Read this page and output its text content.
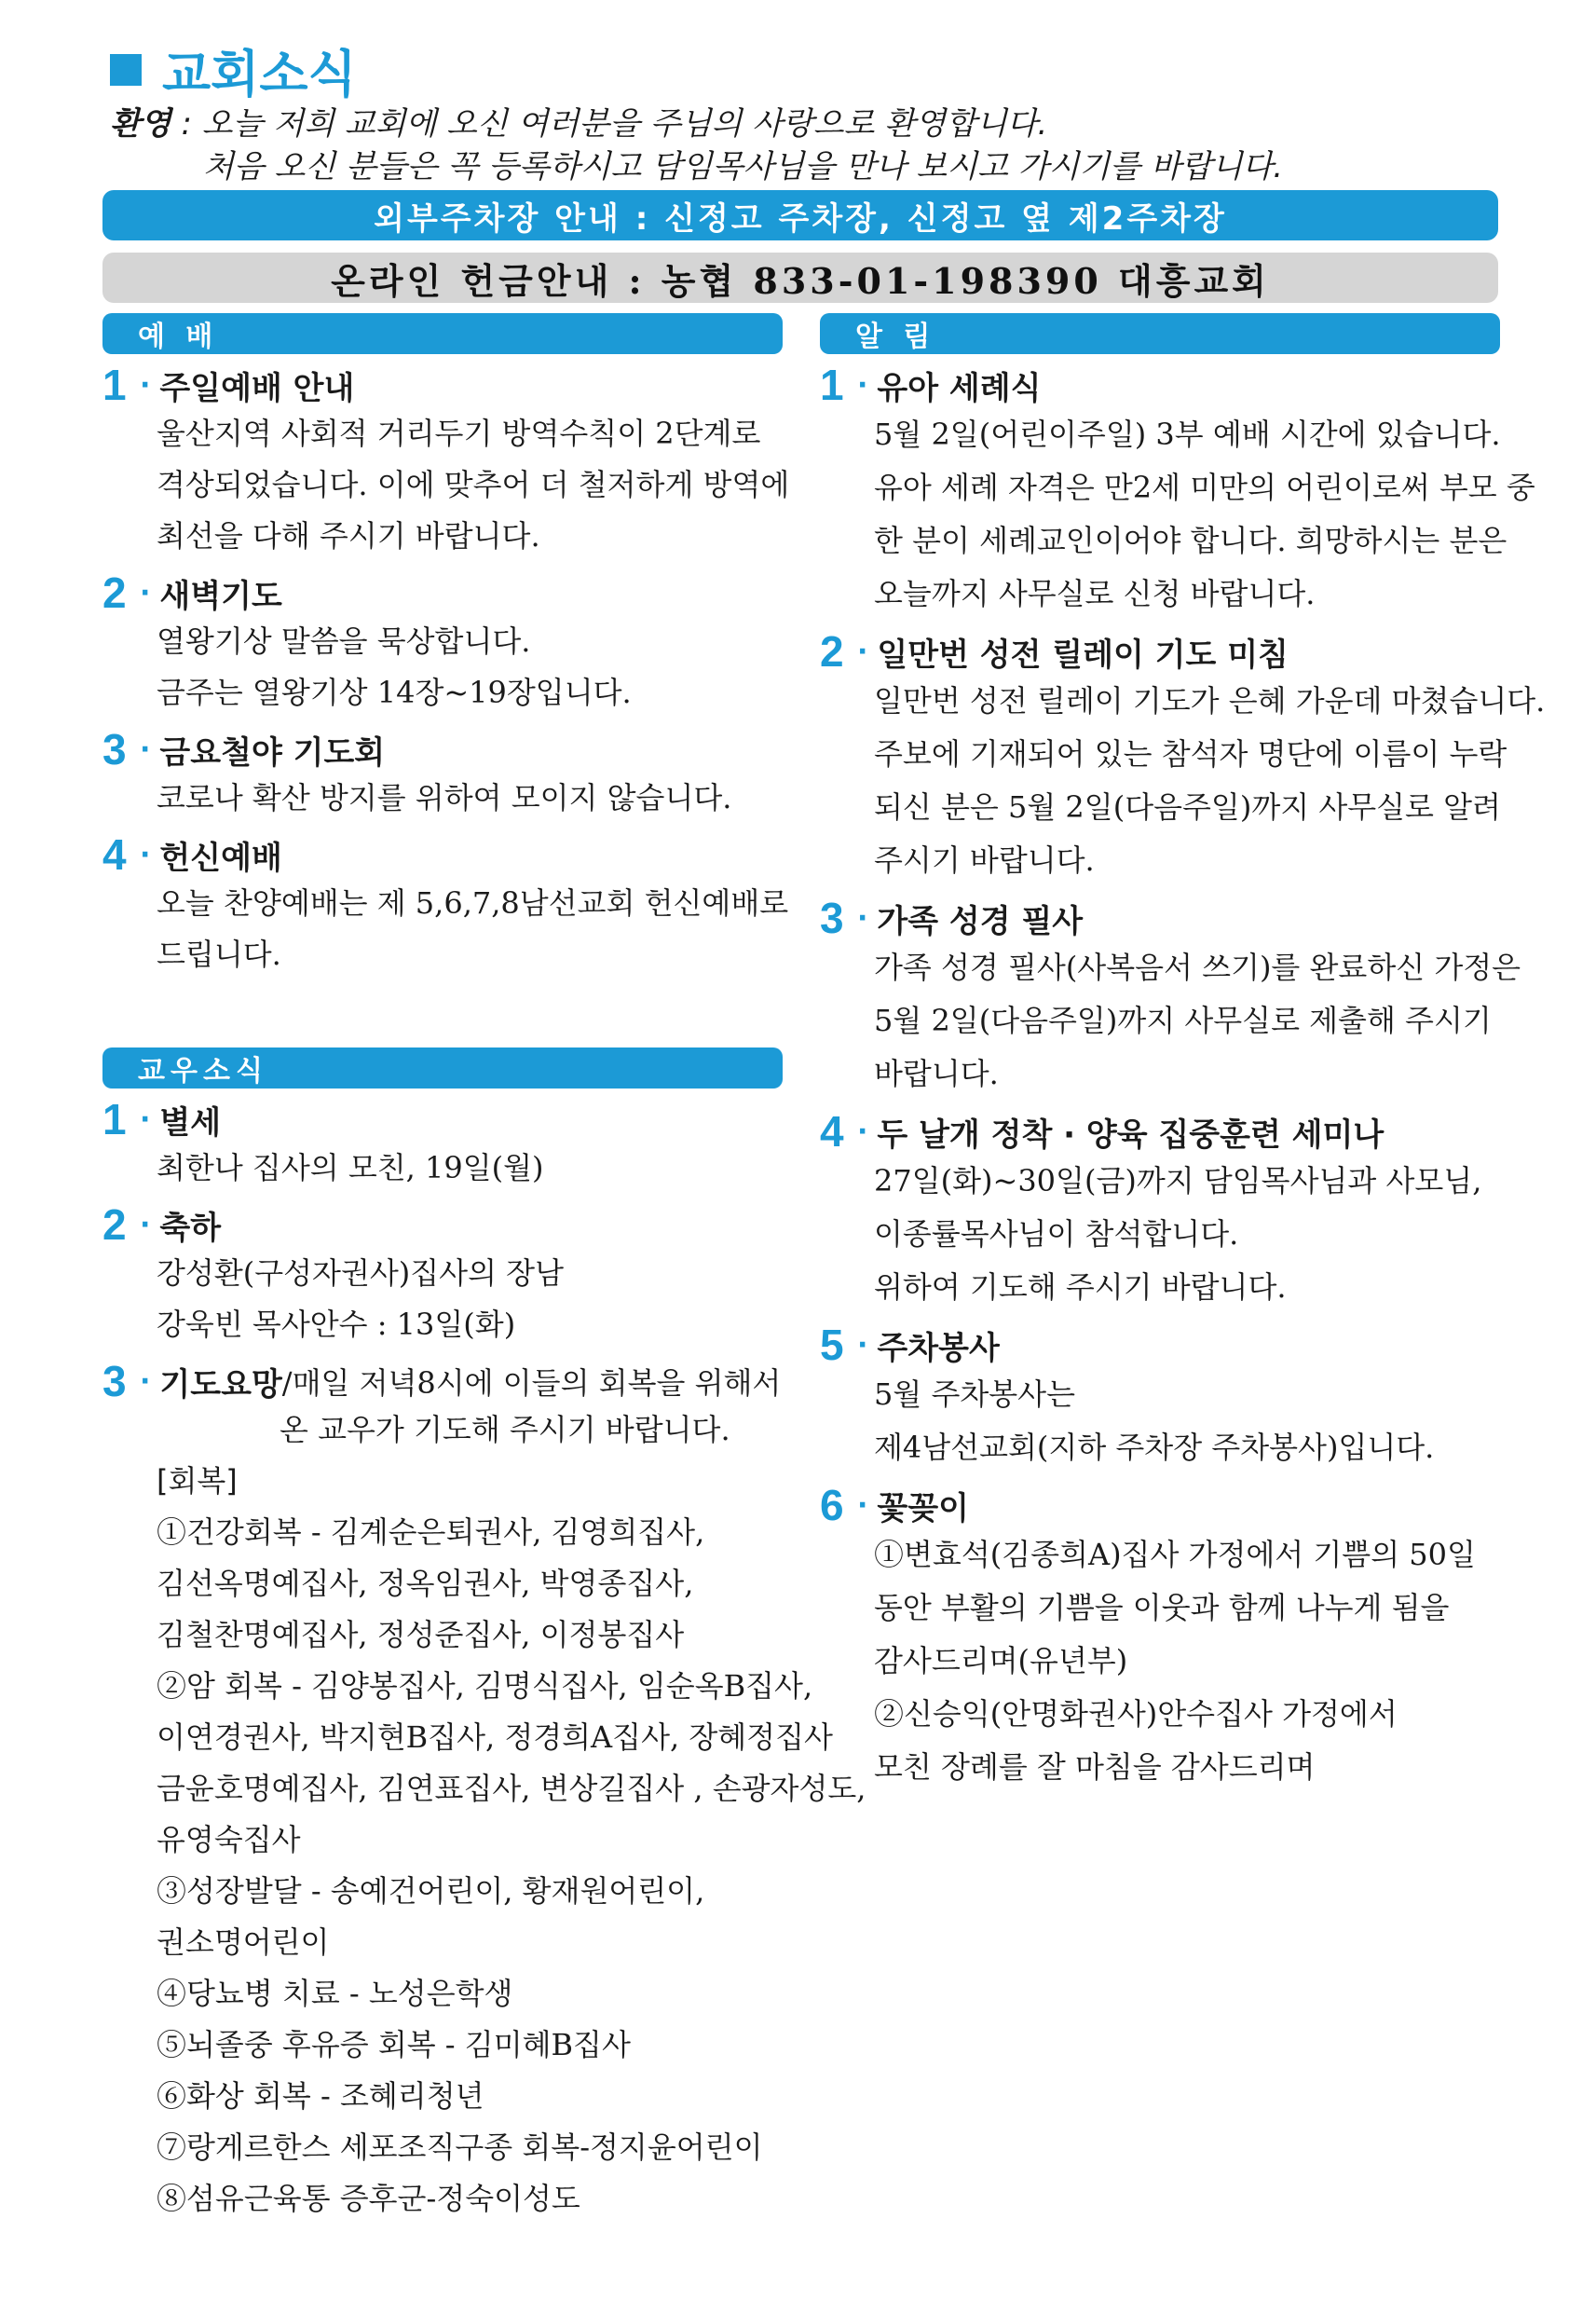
교회소식
환영 : 오늘 저희 교회에 오신 여러분을 주님의 사랑으로 환영합니다.
처음 오신 분들은 꼭 등록하시고 담임목사님을 만나 보시고 가시기를 바랍니다.
외부주차장 안내 : 신정고 주차장, 신정고 옆 제2주차장
온라인 헌금안내 : 농협 833-01-198390 대흥교회
예 배
1 · 주일예배 안내
울산지역 사회적 거리두기 방역수칙이 2단계로
격상되었습니다. 이에 맞추어 더 철저하게 방역에
최선을 다해 주시기 바랍니다.
2 · 새벽기도
열왕기상 말씀을 묵상합니다.
금주는 열왕기상 14장~19장입니다.
3 · 금요철야 기도회
코로나 확산 방지를 위하여 모이지 않습니다.
4 · 헌신예배
오늘 찬양예배는 제 5,6,7,8남선교회 헌신예배로
드립니다.
교우소식
1 · 별세
최한나 집사의 모친, 19일(월)
2 · 축하
강성환(구성자권사)집사의 장남
강욱빈 목사안수 : 13일(화)
3 · 기도요망 /매일 저녁8시에 이들의 회복을 위해서
온 교우가 기도해 주시기 바랍니다.
[회복]
①건강회복 - 김계순은퇴권사, 김영희집사,
김선옥명예집사, 정옥임권사, 박영종집사,
김철찬명예집사, 정성준집사, 이정봉집사
②암 회복 - 김양봉집사, 김명식집사, 임순옥B집사,
이연경권사, 박지현B집사, 정경희A집사, 장혜정집사
금윤호명예집사, 김연표집사, 변상길집사 , 손광자성도,
유영숙집사
③성장발달 - 송예건어린이, 황재원어린이,
권소명어린이
④당뇨병 치료 - 노성은학생
⑤뇌졸중 후유증 회복 - 김미혜B집사
⑥화상 회복 - 조혜리청년
⑦랑게르한스 세포조직구종 회복-정지윤어린이
⑧섬유근육통 증후군-정숙이성도
알 림
1 · 유아 세례식
5월 2일(어린이주일) 3부 예배 시간에 있습니다.
유아 세례 자격은 만2세 미만의 어린이로써 부모 중
한 분이 세례교인이어야 합니다. 희망하시는 분은
오늘까지 사무실로 신청 바랍니다.
2 · 일만번 성전 릴레이 기도 미침
일만번 성전 릴레이 기도가 은혜 가운데 마쳤습니다.
주보에 기재되어 있는 참석자 명단에 이름이 누락
되신 분은 5월 2일(다음주일)까지 사무실로 알려
주시기 바랍니다.
3 · 가족 성경 필사
가족 성경 필사(사복음서 쓰기)를 완료하신 가정은
5월 2일(다음주일)까지 사무실로 제출해 주시기
바랍니다.
4 · 두 날개 정착 · 양육 집중훈련 세미나
27일(화)~30일(금)까지 담임목사님과 사모님,
이종률목사님이 참석합니다.
위하여 기도해 주시기 바랍니다.
5 · 주차봉사
5월 주차봉사는
제4남선교회(지하 주차장 주차봉사)입니다.
6 · 꽃꽂이
①변효석(김종희A)집사 가정에서 기쁨의 50일
동안 부활의 기쁨을 이웃과 함께 나누게 됨을
감사드리며(유년부)
②신승익(안명화권사)안수집사 가정에서
모친 장례를 잘 마침을 감사드리며
